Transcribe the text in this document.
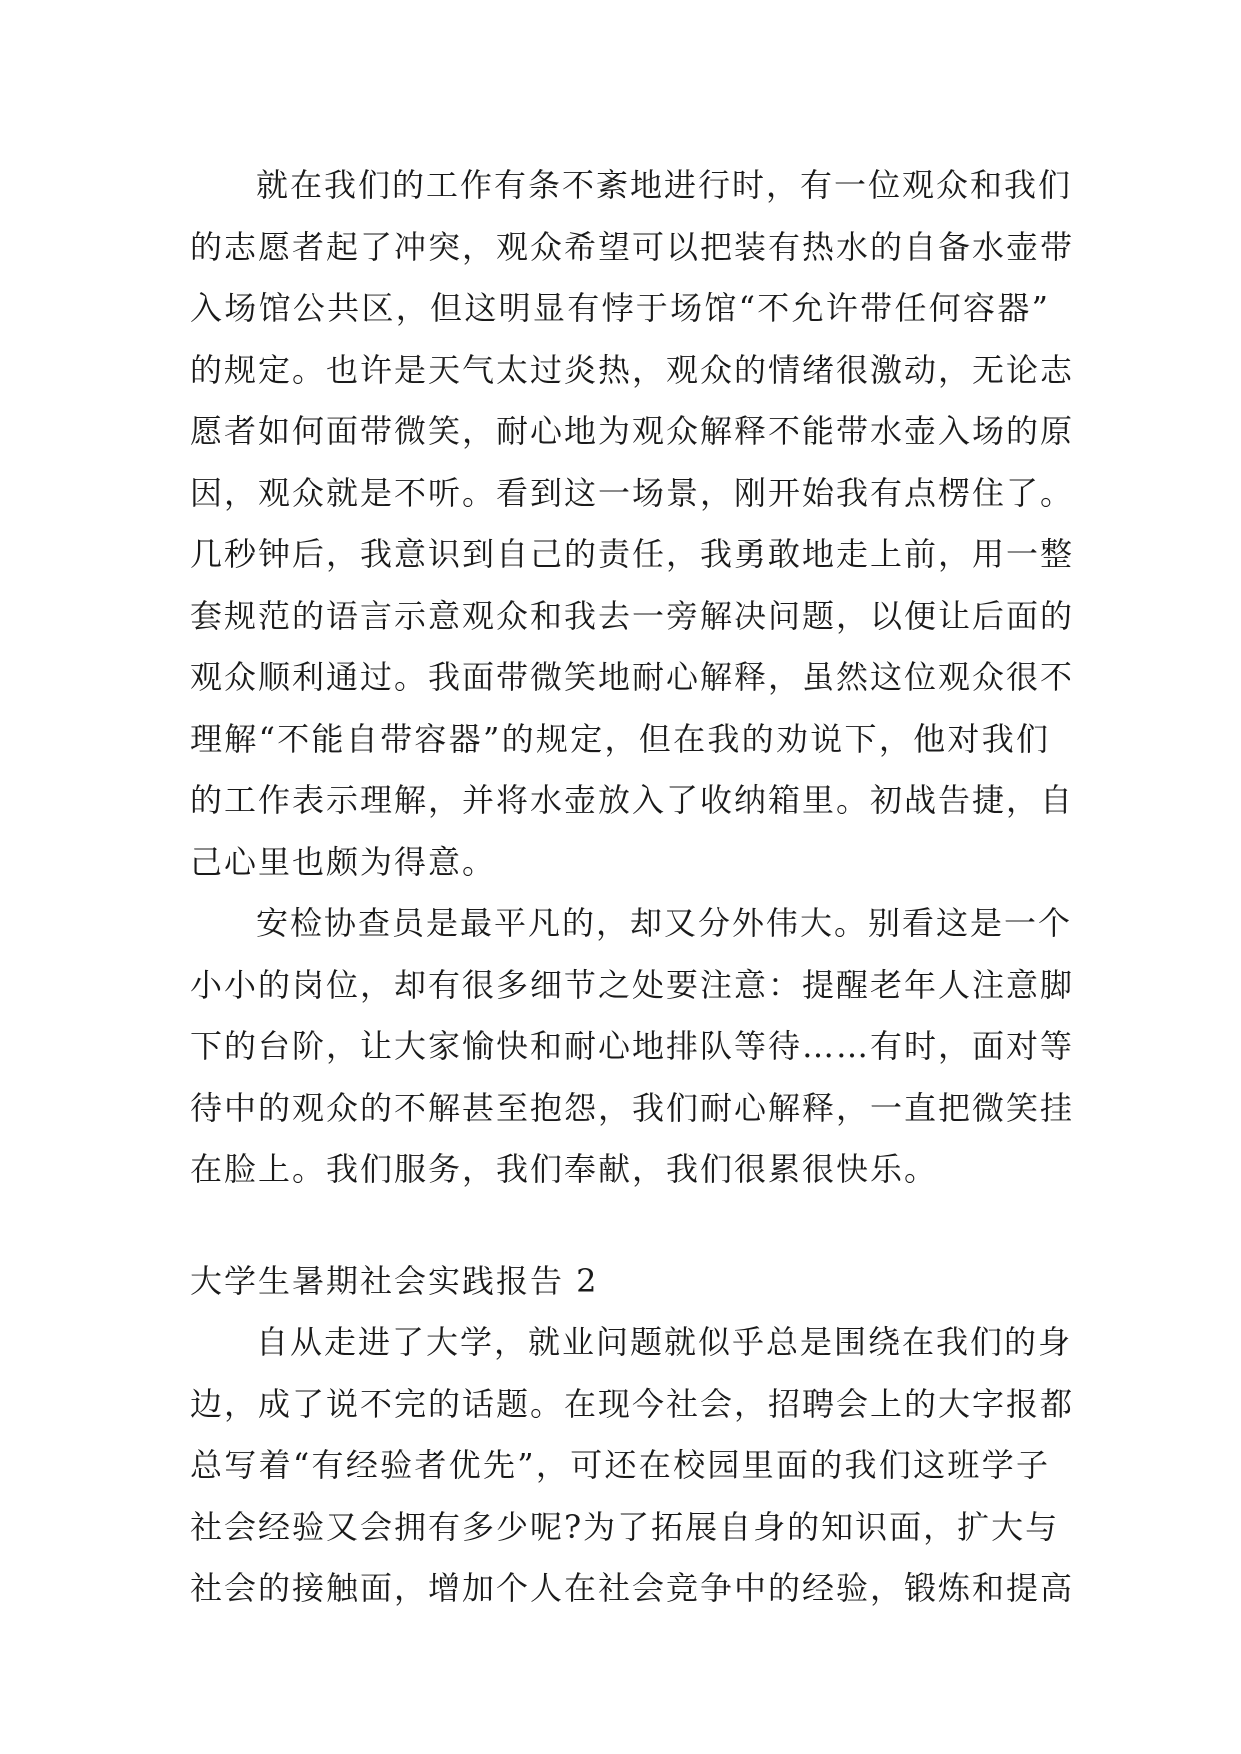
就在我们的工作有条不紊地进行时，有一位观众和我们
的志愿者起了冲突，观众希望可以把装有热水的自备水壶带
入场馆公共区，但这明显有悖于场馆“不允许带任何容器”
的规定。也许是天气太过炎热，观众的情绪很激动，无论志
愿者如何面带微笑，耐心地为观众解释不能带水壶入场的原
因，观众就是不听。看到这一场景，刚开始我有点楞住了。
几秒钟后，我意识到自己的责任，我勇敢地走上前，用一整
套规范的语言示意观众和我去一旁解决问题，以便让后面的
观众顺利通过。我面带微笑地耐心解释，虽然这位观众很不
理解“不能自带容器”的规定，但在我的劝说下，他对我们
的工作表示理解，并将水壶放入了收纳箱里。初战告捷，自
己心里也颇为得意。
安检协查员是最平凡的，却又分外伟大。别看这是一个
小小的岗位，却有很多细节之处要注意：提醒老年人注意脚
下的台阶，让大家愉快和耐心地排队等待……有时，面对等
待中的观众的不解甚至抱怨，我们耐心解释，一直把微笑挂
在脸上。我们服务，我们奉献，我们很累很快乐。
大学生暑期社会实践报告 2
自从走进了大学，就业问题就似乎总是围绕在我们的身
边，成了说不完的话题。在现今社会，招聘会上的大字报都
总写着“有经验者优先”，可还在校园里面的我们这班学子
社会经验又会拥有多少呢?为了拓展自身的知识面，扩大与
社会的接触面，增加个人在社会竞争中的经验，锻炼和提高
